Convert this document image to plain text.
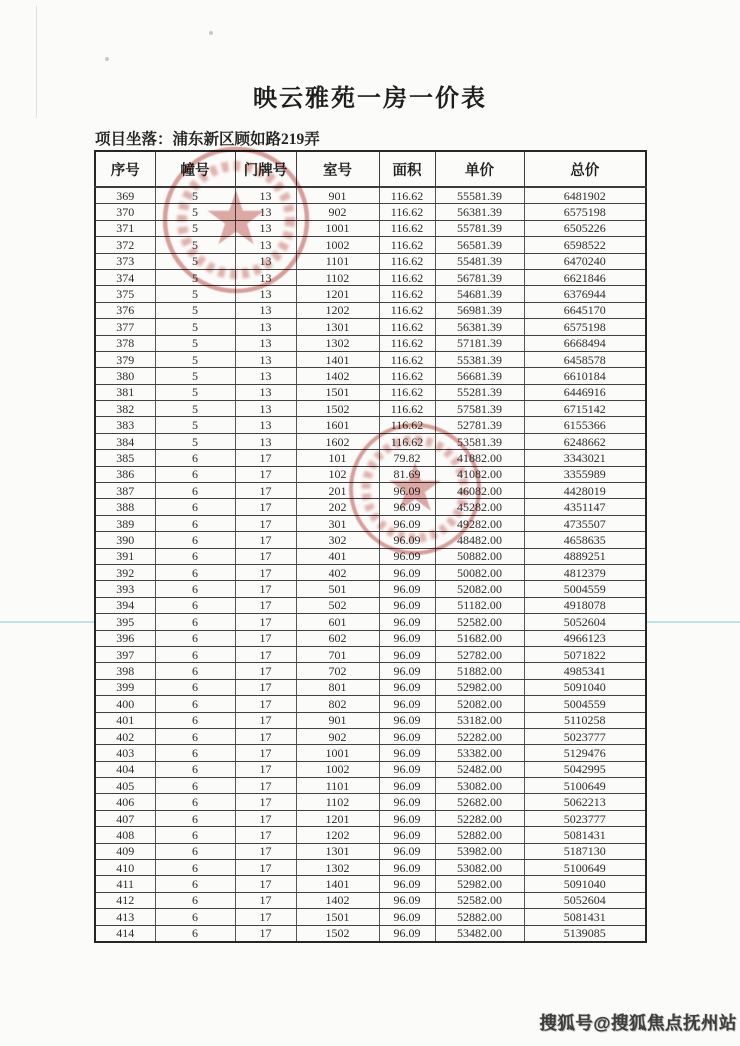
映云雅苑一房一价表
项目坐落：浦东新区顾如路219弄
序号	幢号	门牌号	室号	面积	单价	总价
369	5	13	901	116.62	55581.39	6481902
370	5	13	902	116.62	56381.39	6575198
371	5	13	1001	116.62	55781.39	6505226
372	5	13	1002	116.62	56581.39	6598522
373	5	13	1101	116.62	55481.39	6470240
374	5	13	1102	116.62	56781.39	6621846
375	5	13	1201	116.62	54681.39	6376944
376	5	13	1202	116.62	56981.39	6645170
377	5	13	1301	116.62	56381.39	6575198
378	5	13	1302	116.62	57181.39	6668494
379	5	13	1401	116.62	55381.39	6458578
380	5	13	1402	116.62	56681.39	6610184
381	5	13	1501	116.62	55281.39	6446916
382	5	13	1502	116.62	57581.39	6715142
383	5	13	1601	116.62	52781.39	6155366
384	5	13	1602	116.62	53581.39	6248662
385	6	17	101	79.82	41882.00	3343021
386	6	17	102	81.69	41082.00	3355989
387	6	17	201	96.09	46082.00	4428019
388	6	17	202	96.09	45282.00	4351147
389	6	17	301	96.09	49282.00	4735507
390	6	17	302	96.09	48482.00	4658635
391	6	17	401	96.09	50882.00	4889251
392	6	17	402	96.09	50082.00	4812379
393	6	17	501	96.09	52082.00	5004559
394	6	17	502	96.09	51182.00	4918078
395	6	17	601	96.09	52582.00	5052604
396	6	17	602	96.09	51682.00	4966123
397	6	17	701	96.09	52782.00	5071822
398	6	17	702	96.09	51882.00	4985341
399	6	17	801	96.09	52982.00	5091040
400	6	17	802	96.09	52082.00	5004559
401	6	17	901	96.09	53182.00	5110258
402	6	17	902	96.09	52282.00	5023777
403	6	17	1001	96.09	53382.00	5129476
404	6	17	1002	96.09	52482.00	5042995
405	6	17	1101	96.09	53082.00	5100649
406	6	17	1102	96.09	52682.00	5062213
407	6	17	1201	96.09	52282.00	5023777
408	6	17	1202	96.09	52882.00	5081431
409	6	17	1301	96.09	53982.00	5187130
410	6	17	1302	96.09	53082.00	5100649
411	6	17	1401	96.09	52982.00	5091040
412	6	17	1402	96.09	52582.00	5052604
413	6	17	1501	96.09	52882.00	5081431
414	6	17	1502	96.09	53482.00	5139085
搜狐号@搜狐焦点抚州站
